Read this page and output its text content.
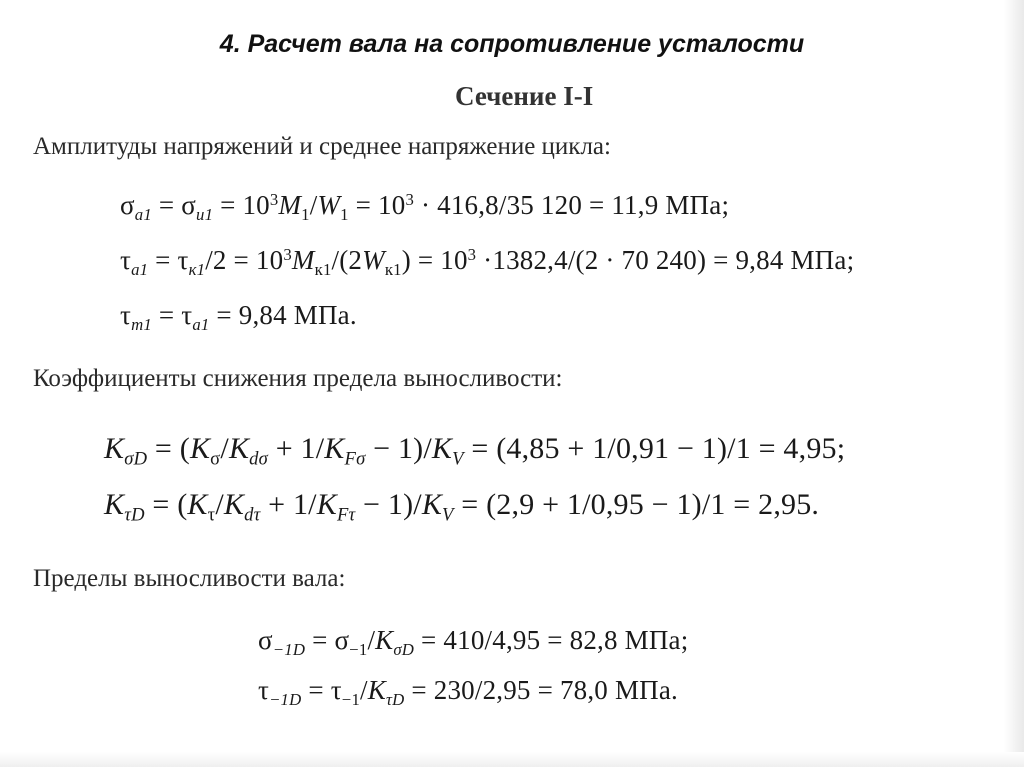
4. Расчет вала на сопротивление усталости
Сечение I-I
Амплитуды напряжений и среднее напряжение цикла:
$\sigma_{a1} = \sigma_{и1} = 10^3M_1/W_1 = 10^3 \cdot 416,8/35$ 120 = 11,9 МПа;
$\tau_{a1} = \tau_{к1}/2 = 10^3M_{к1}/(2W_{к1}) = 10^3 \cdot 1382,4/(2 \cdot 70$ 240) = 9,84 МПа;
$\tau_{m1} = \tau_{a1} = 9,84$ МПа.
Коэффициенты снижения предела выносливости:
$K_{\sigma D} = (K_\sigma/K_{d\sigma} + 1/K_{F\sigma} - 1)/K_V = (4,85 + 1/0,91 - 1)/1 = 4,95$;
$K_{\tau D} = (K_\tau/K_{d\tau} + 1/K_{F\tau} - 1)/K_V = (2,9 + 1/0,95 - 1)/1 = 2,95$.
Пределы выносливости вала:
$\sigma_{-1D} = \sigma_{-1}/K_{\sigma D} = 410/4,95 = 82,8$ МПа;
$\tau_{-1D} = \tau_{-1}/K_{\tau D} = 230/2,95 = 78,0$ МПа.
